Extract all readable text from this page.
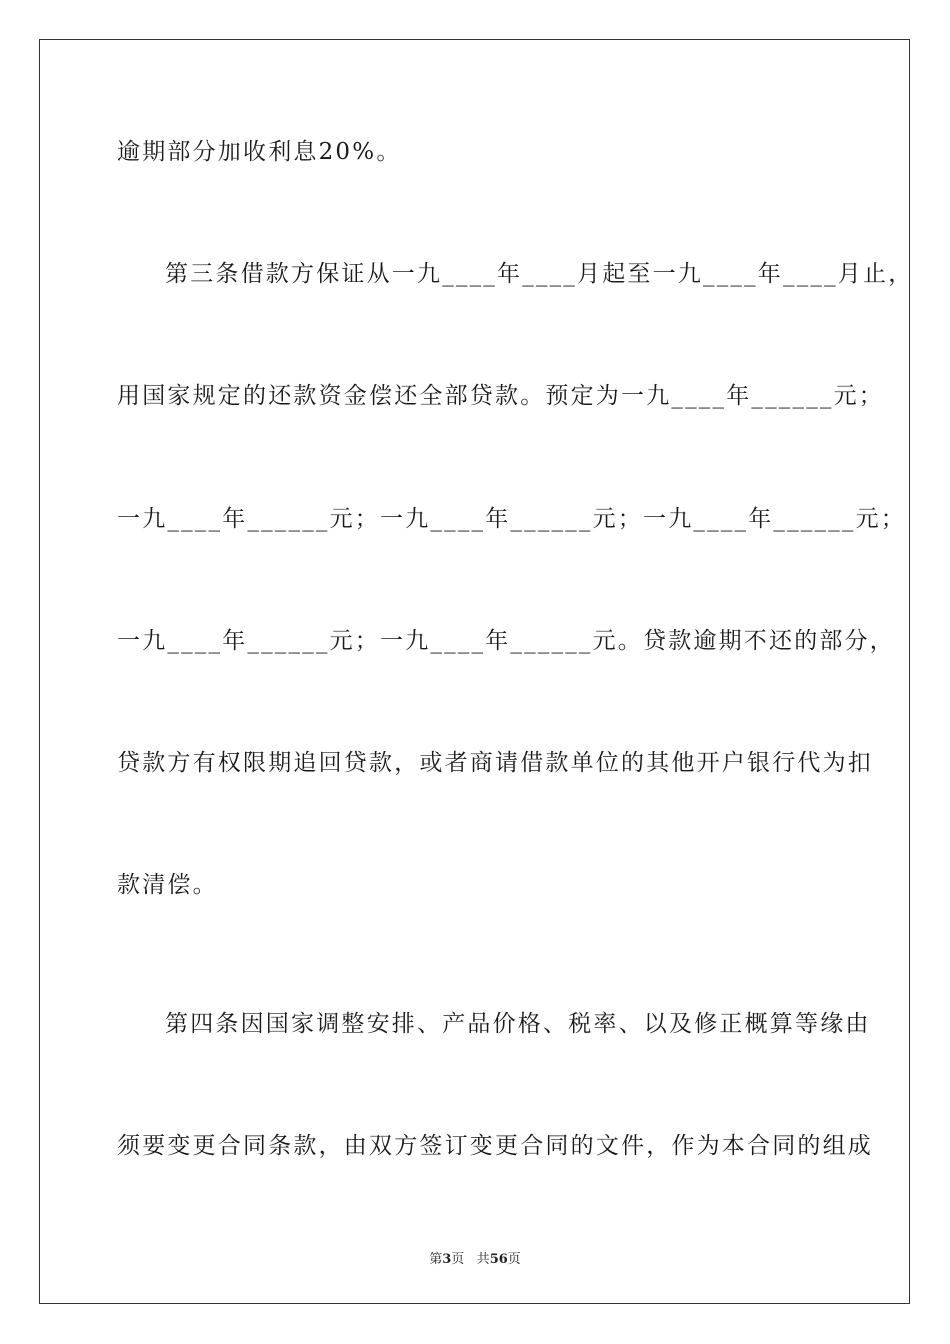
逾期部分加收利息20%。
第三条借款方保证从一九____年____月起至一九____年____月止，
用国家规定的还款资金偿还全部贷款。预定为一九____年______元；
一九____年______元；一九____年______元；一九____年______元；
一九____年______元；一九____年______元。贷款逾期不还的部分，
贷款方有权限期追回贷款，或者商请借款单位的其他开户银行代为扣
款清偿。
第四条因国家调整安排、产品价格、税率、以及修正概算等缘由
须要变更合同条款，由双方签订变更合同的文件，作为本合同的组成
第3页 共56页
